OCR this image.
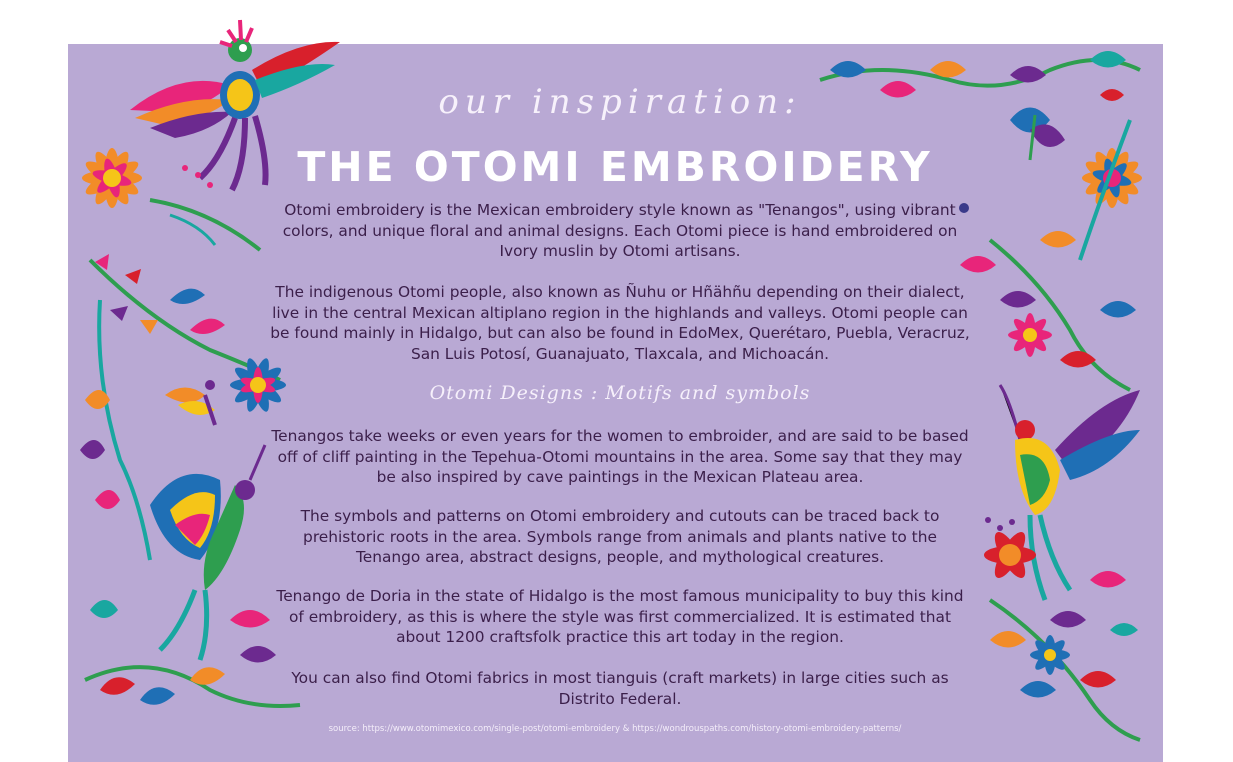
our inspiration:
THE OTOMI EMBROIDERY
Otomi embroidery is the Mexican embroidery style known as "Tenangos", using vibrant colors, and unique floral and animal designs. Each Otomi piece is hand embroidered on Ivory muslin by Otomi artisans.
The indigenous Otomi people, also known as Ñuhu or Hñähñu depending on their dialect, live in the central Mexican altiplano region in the highlands and valleys. Otomi people can be found mainly in Hidalgo, but can also be found in EdoMex, Querétaro, Puebla, Veracruz, San Luis Potosí, Guanajuato, Tlaxcala, and Michoacán.
Otomi Designs : Motifs and symbols
Tenangos take weeks or even years for the women to embroider, and are said to be based off of cliff painting in the Tepehua-Otomi mountains in the area. Some say that they may be also inspired by cave paintings in the Mexican Plateau area.
The symbols and patterns on Otomi embroidery and cutouts can be traced back to prehistoric roots in the area. Symbols range from animals and plants native to the Tenango area, abstract designs, people, and mythological creatures.
Tenango de Doria in the state of Hidalgo is the most famous municipality to buy this kind of embroidery, as this is where the style was first commercialized. It is estimated that about 1200 craftsfolk practice this art today in the region.
You can also find Otomi fabrics in most tianguis (craft markets) in large cities such as Distrito Federal.
source: https://www.otomimexico.com/single-post/otomi-embroidery & https://wondrouspaths.com/history-otomi-embroidery-patterns/
